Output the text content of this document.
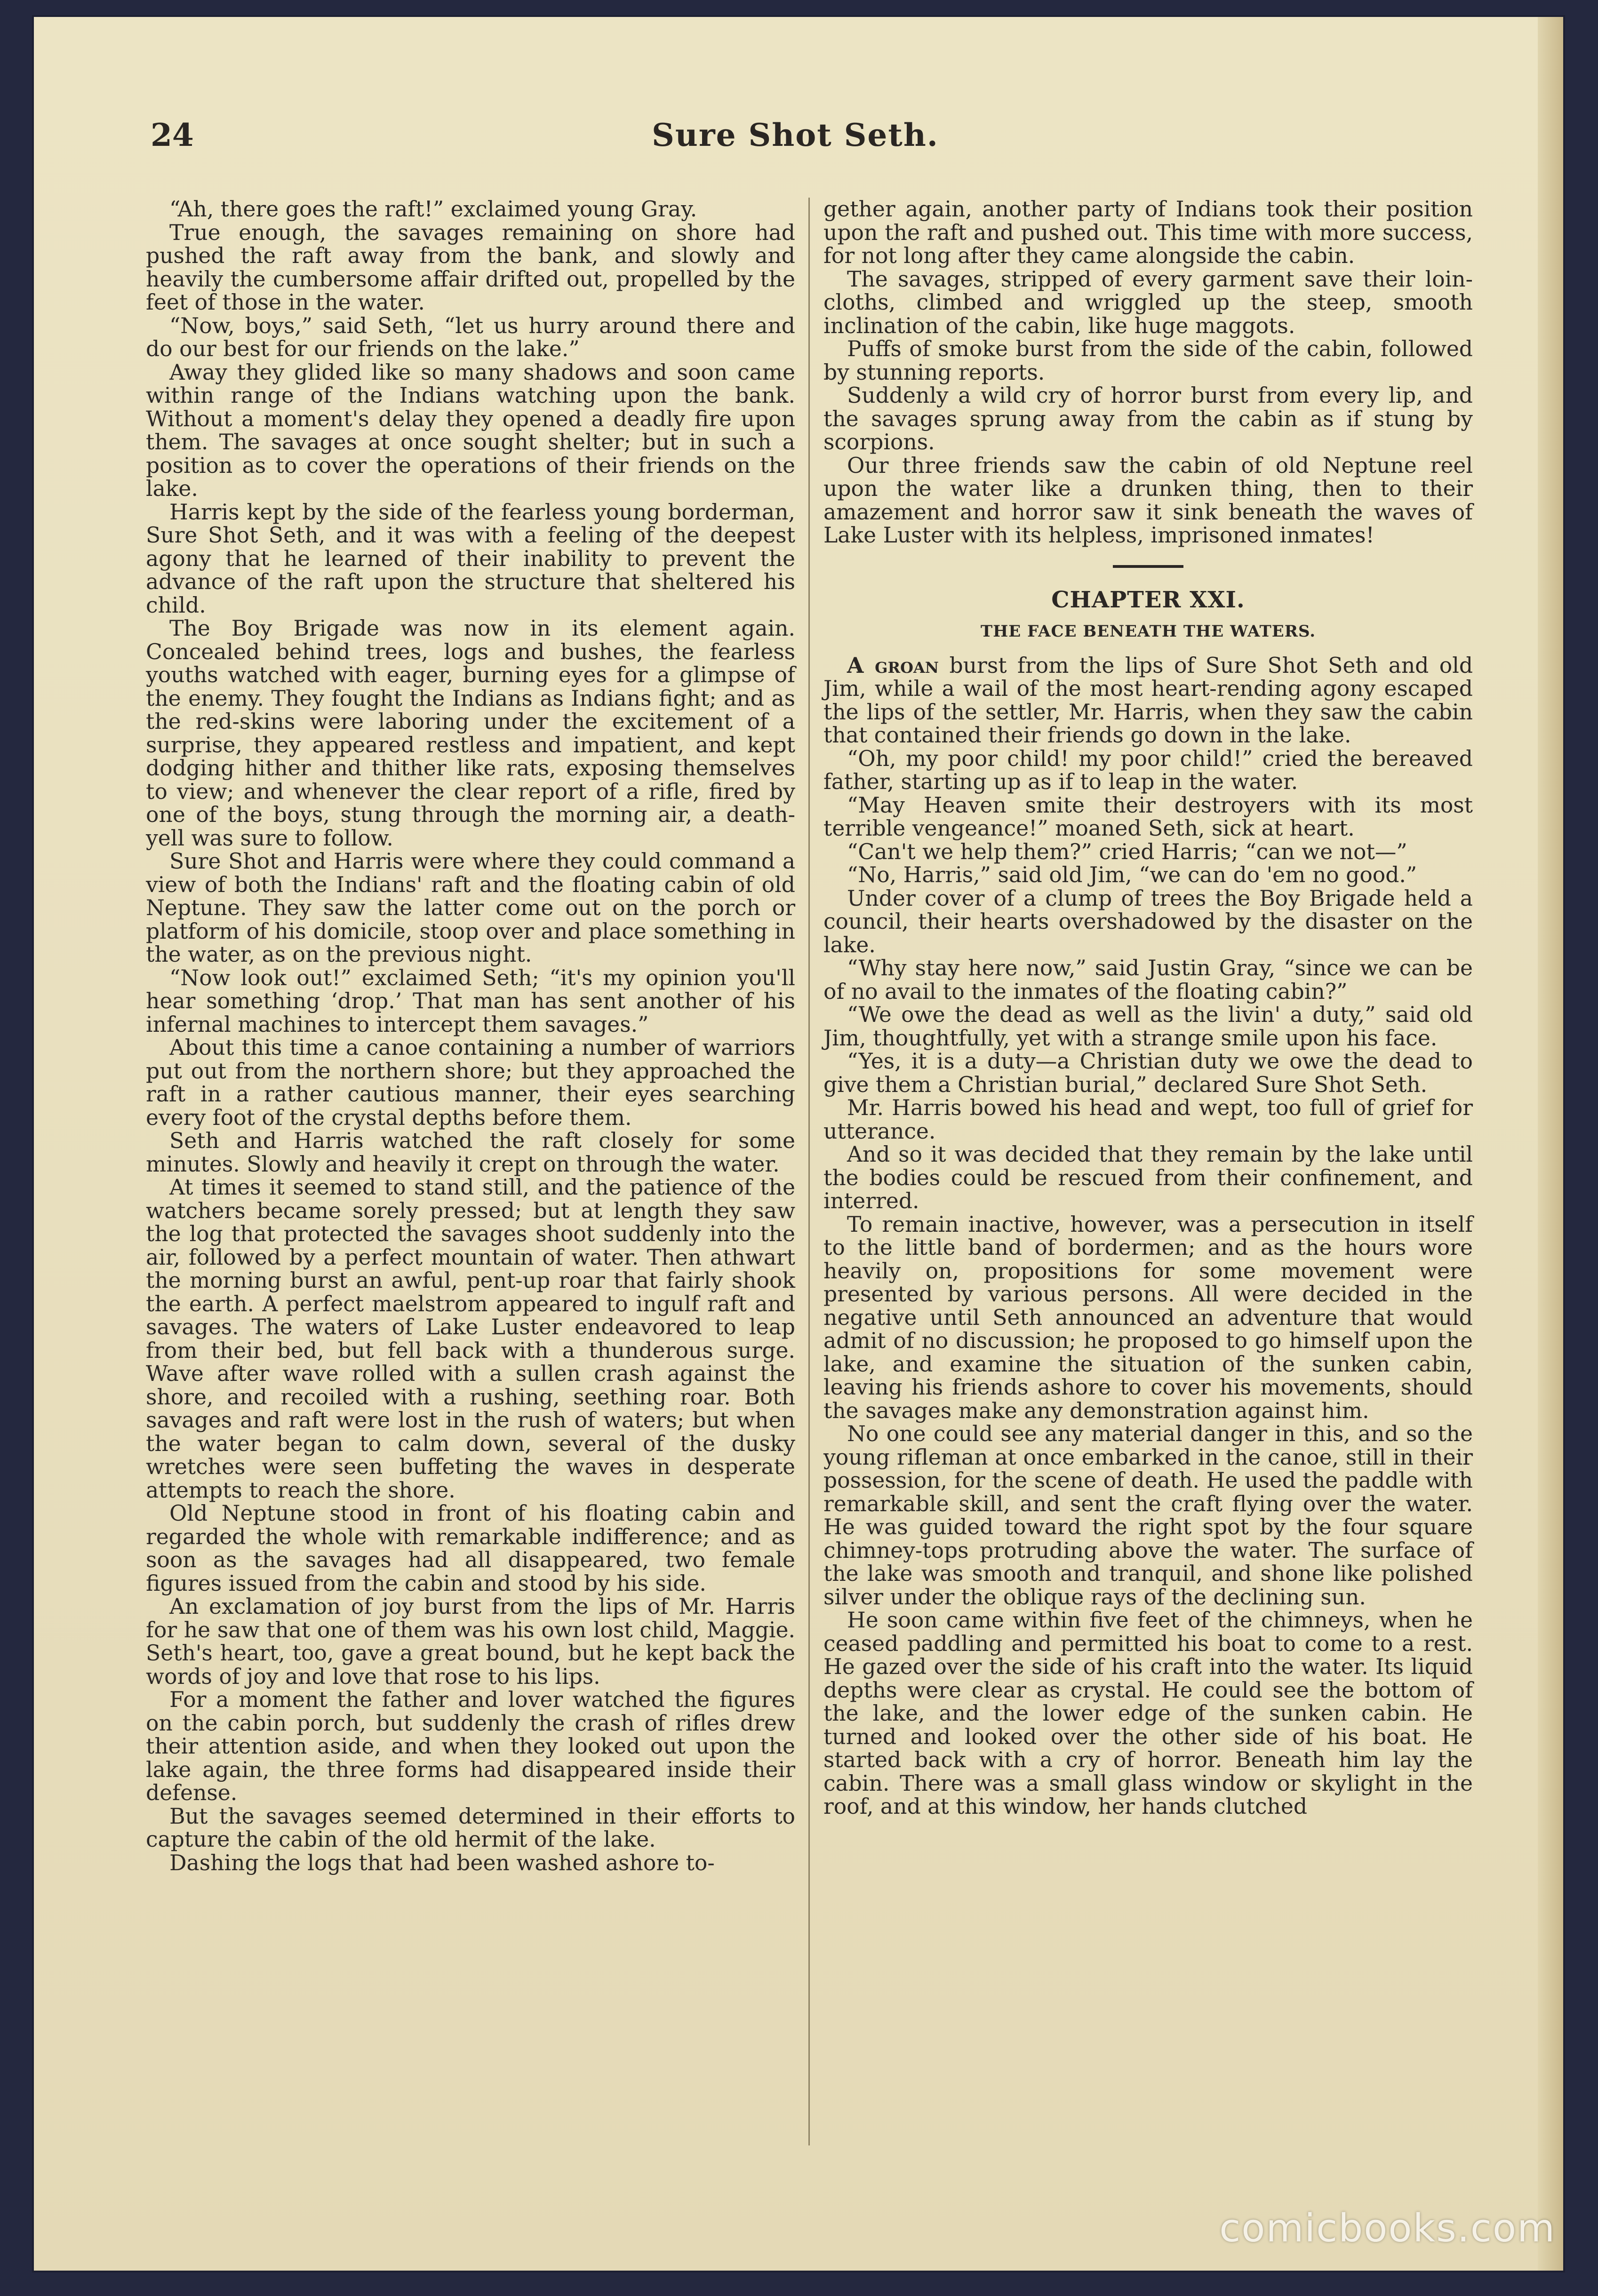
24	Sure Shot Seth.

“Ah, there goes the raft!” exclaimed young Gray.

True enough, the savages remaining on shore had pushed the raft away from the bank, and slowly and heavily the cumbersome affair drifted out, propelled by the feet of those in the water.

“Now, boys,” said Seth, “let us hurry around there and do our best for our friends on the lake.”

Away they glided like so many shadows and soon came within range of the Indians watching upon the bank. Without a moment's delay they opened a deadly fire upon them. The savages at once sought shelter; but in such a position as to cover the operations of their friends on the lake.

Harris kept by the side of the fearless young borderman, Sure Shot Seth, and it was with a feeling of the deepest agony that he learned of their inability to prevent the advance of the raft upon the structure that sheltered his child.

The Boy Brigade was now in its element again. Concealed behind trees, logs and bushes, the fearless youths watched with eager, burning eyes for a glimpse of the enemy. They fought the Indians as Indians fight; and as the red-skins were laboring under the excitement of a surprise, they appeared restless and impatient, and kept dodging hither and thither like rats, exposing themselves to view; and whenever the clear report of a rifle, fired by one of the boys, stung through the morning air, a death-yell was sure to follow.

Sure Shot and Harris were where they could command a view of both the Indians' raft and the floating cabin of old Neptune. They saw the latter come out on the porch or platform of his domicile, stoop over and place something in the water, as on the previous night.

“Now look out!” exclaimed Seth; “it's my opinion you'll hear something ‘drop.’ That man has sent another of his infernal machines to intercept them savages.”

About this time a canoe containing a number of warriors put out from the northern shore; but they approached the raft in a rather cautious manner, their eyes searching every foot of the crystal depths before them.

Seth and Harris watched the raft closely for some minutes. Slowly and heavily it crept on through the water.

At times it seemed to stand still, and the patience of the watchers became sorely pressed; but at length they saw the log that protected the savages shoot suddenly into the air, followed by a perfect mountain of water. Then athwart the morning burst an awful, pent-up roar that fairly shook the earth. A perfect maelstrom appeared to ingulf raft and savages. The waters of Lake Luster endeavored to leap from their bed, but fell back with a thunderous surge. Wave after wave rolled with a sullen crash against the shore, and recoiled with a rushing, seething roar. Both savages and raft were lost in the rush of waters; but when the water began to calm down, several of the dusky wretches were seen buffeting the waves in desperate attempts to reach the shore.

Old Neptune stood in front of his floating cabin and regarded the whole with remarkable indifference; and as soon as the savages had all disappeared, two female figures issued from the cabin and stood by his side.

An exclamation of joy burst from the lips of Mr. Harris for he saw that one of them was his own lost child, Maggie. Seth's heart, too, gave a great bound, but he kept back the words of joy and love that rose to his lips.

For a moment the father and lover watched the figures on the cabin porch, but suddenly the crash of rifles drew their attention aside, and when they looked out upon the lake again, the three forms had disappeared inside their defense.

But the savages seemed determined in their efforts to capture the cabin of the old hermit of the lake.

Dashing the logs that had been washed ashore to-

gether again, another party of Indians took their position upon the raft and pushed out. This time with more success, for not long after they came alongside the cabin.

The savages, stripped of every garment save their loin-cloths, climbed and wriggled up the steep, smooth inclination of the cabin, like huge maggots.

Puffs of smoke burst from the side of the cabin, followed by stunning reports.

Suddenly a wild cry of horror burst from every lip, and the savages sprung away from the cabin as if stung by scorpions.

Our three friends saw the cabin of old Neptune reel upon the water like a drunken thing, then to their amazement and horror saw it sink beneath the waves of Lake Luster with its helpless, imprisoned inmates!

CHAPTER XXI.
THE FACE BENEATH THE WATERS.

A groan burst from the lips of Sure Shot Seth and old Jim, while a wail of the most heart-rending agony escaped the lips of the settler, Mr. Harris, when they saw the cabin that contained their friends go down in the lake.

“Oh, my poor child! my poor child!” cried the bereaved father, starting up as if to leap in the water.

“May Heaven smite their destroyers with its most terrible vengeance!” moaned Seth, sick at heart.

“Can't we help them?” cried Harris; “can we not—”

“No, Harris,” said old Jim, “we can do 'em no good.”

Under cover of a clump of trees the Boy Brigade held a council, their hearts overshadowed by the disaster on the lake.

“Why stay here now,” said Justin Gray, “since we can be of no avail to the inmates of the floating cabin?”

“We owe the dead as well as the livin' a duty,” said old Jim, thoughtfully, yet with a strange smile upon his face.

“Yes, it is a duty—a Christian duty we owe the dead to give them a Christian burial,” declared Sure Shot Seth.

Mr. Harris bowed his head and wept, too full of grief for utterance.

And so it was decided that they remain by the lake until the bodies could be rescued from their confinement, and interred.

To remain inactive, however, was a persecution in itself to the little band of bordermen; and as the hours wore heavily on, propositions for some movement were presented by various persons. All were decided in the negative until Seth announced an adventure that would admit of no discussion; he proposed to go himself upon the lake, and examine the situation of the sunken cabin, leaving his friends ashore to cover his movements, should the savages make any demonstration against him.

No one could see any material danger in this, and so the young rifleman at once embarked in the canoe, still in their possession, for the scene of death. He used the paddle with remarkable skill, and sent the craft flying over the water. He was guided toward the right spot by the four square chimney-tops protruding above the water. The surface of the lake was smooth and tranquil, and shone like polished silver under the oblique rays of the declining sun.

He soon came within five feet of the chimneys, when he ceased paddling and permitted his boat to come to a rest. He gazed over the side of his craft into the water. Its liquid depths were clear as crystal. He could see the bottom of the lake, and the lower edge of the sunken cabin. He turned and looked over the other side of his boat. He started back with a cry of horror. Beneath him lay the cabin. There was a small glass window or skylight in the roof, and at this window, her hands clutched

comicbooks.com
